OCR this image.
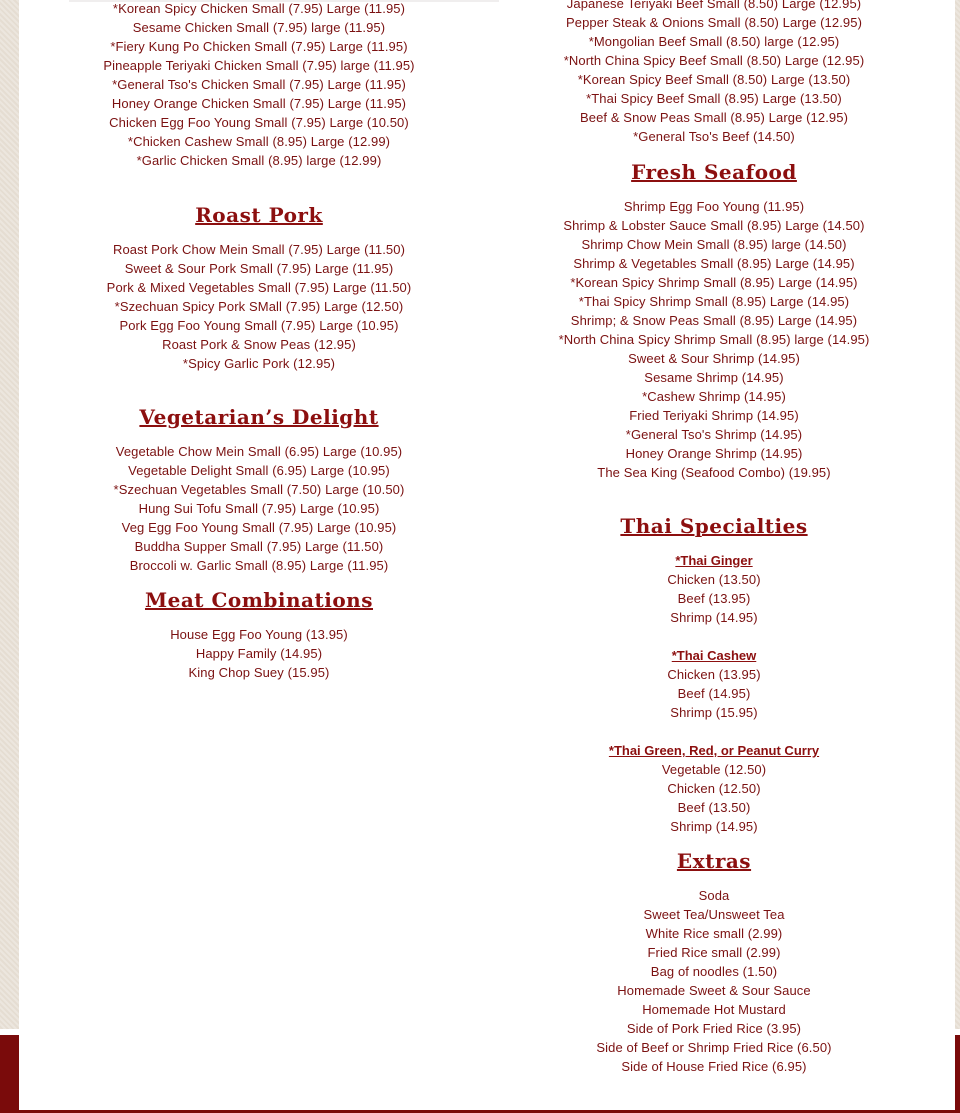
*Korean Spicy Chicken Small (7.95) Large (11.95)
Sesame Chicken Small (7.95) large (11.95)
*Fiery Kung Po Chicken Small (7.95) Large (11.95)
Pineapple Teriyaki Chicken Small (7.95) large (11.95)
*General Tso's Chicken Small (7.95) Large (11.95)
Honey Orange Chicken Small (7.95) Large (11.95)
Chicken Egg Foo Young Small (7.95) Large (10.50)
*Chicken Cashew Small (8.95) Large (12.99)
*Garlic Chicken Small (8.95) large (12.99)
Roast Pork
Roast Pork Chow Mein Small (7.95) Large (11.50)
Sweet & Sour Pork Small (7.95) Large (11.95)
Pork & Mixed Vegetables Small (7.95) Large (11.50)
*Szechuan Spicy Pork SMall (7.95) Large (12.50)
Pork Egg Foo Young Small (7.95) Large (10.95)
Roast Pork & Snow Peas (12.95)
*Spicy Garlic Pork (12.95)
Vegetarian’s Delight
Vegetable Chow Mein Small (6.95) Large (10.95)
Vegetable Delight Small (6.95) Large (10.95)
*Szechuan Vegetables Small (7.50) Large (10.50)
Hung Sui Tofu Small (7.95) Large (10.95)
Veg Egg Foo Young Small (7.95) Large (10.95)
Buddha Supper Small (7.95) Large (11.50)
Broccoli w. Garlic Small (8.95) Large (11.95)
Meat Combinations
House Egg Foo Young (13.95)
Happy Family (14.95)
King Chop Suey (15.95)
Japanese Teriyaki Beef Small (8.50) Large (12.95)
Pepper Steak & Onions Small (8.50) Large (12.95)
*Mongolian Beef Small (8.50) large (12.95)
*North China Spicy Beef Small (8.50) Large (12.95)
*Korean Spicy Beef Small (8.50) Large (13.50)
*Thai Spicy Beef Small (8.95) Large (13.50)
Beef & Snow Peas Small (8.95) Large (12.95)
*General Tso's Beef (14.50)
Fresh Seafood
Shrimp Egg Foo Young (11.95)
Shrimp & Lobster Sauce Small (8.95) Large (14.50)
Shrimp Chow Mein Small (8.95) large (14.50)
Shrimp & Vegetables Small (8.95) Large (14.95)
*Korean Spicy Shrimp Small (8.95) Large (14.95)
*Thai Spicy Shrimp Small (8.95) Large (14.95)
Shrimp; & Snow Peas Small (8.95) Large (14.95)
*North China Spicy Shrimp Small (8.95) large (14.95)
Sweet & Sour Shrimp (14.95)
Sesame Shrimp (14.95)
*Cashew Shrimp (14.95)
Fried Teriyaki Shrimp (14.95)
*General Tso's Shrimp (14.95)
Honey Orange Shrimp (14.95)
The Sea King (Seafood Combo) (19.95)
Thai Specialties
*Thai Ginger
Chicken (13.50)
Beef (13.95)
Shrimp (14.95)
*Thai Cashew
Chicken (13.95)
Beef (14.95)
Shrimp (15.95)
*Thai Green, Red, or Peanut Curry
Vegetable (12.50)
Chicken (12.50)
Beef (13.50)
Shrimp (14.95)
Extras
Soda
Sweet Tea/Unsweet Tea
White Rice small (2.99)
Fried Rice small (2.99)
Bag of noodles (1.50)
Homemade Sweet & Sour Sauce
Homemade Hot Mustard
Side of Pork Fried Rice (3.95)
Side of Beef or Shrimp Fried Rice (6.50)
Side of House Fried Rice (6.95)
